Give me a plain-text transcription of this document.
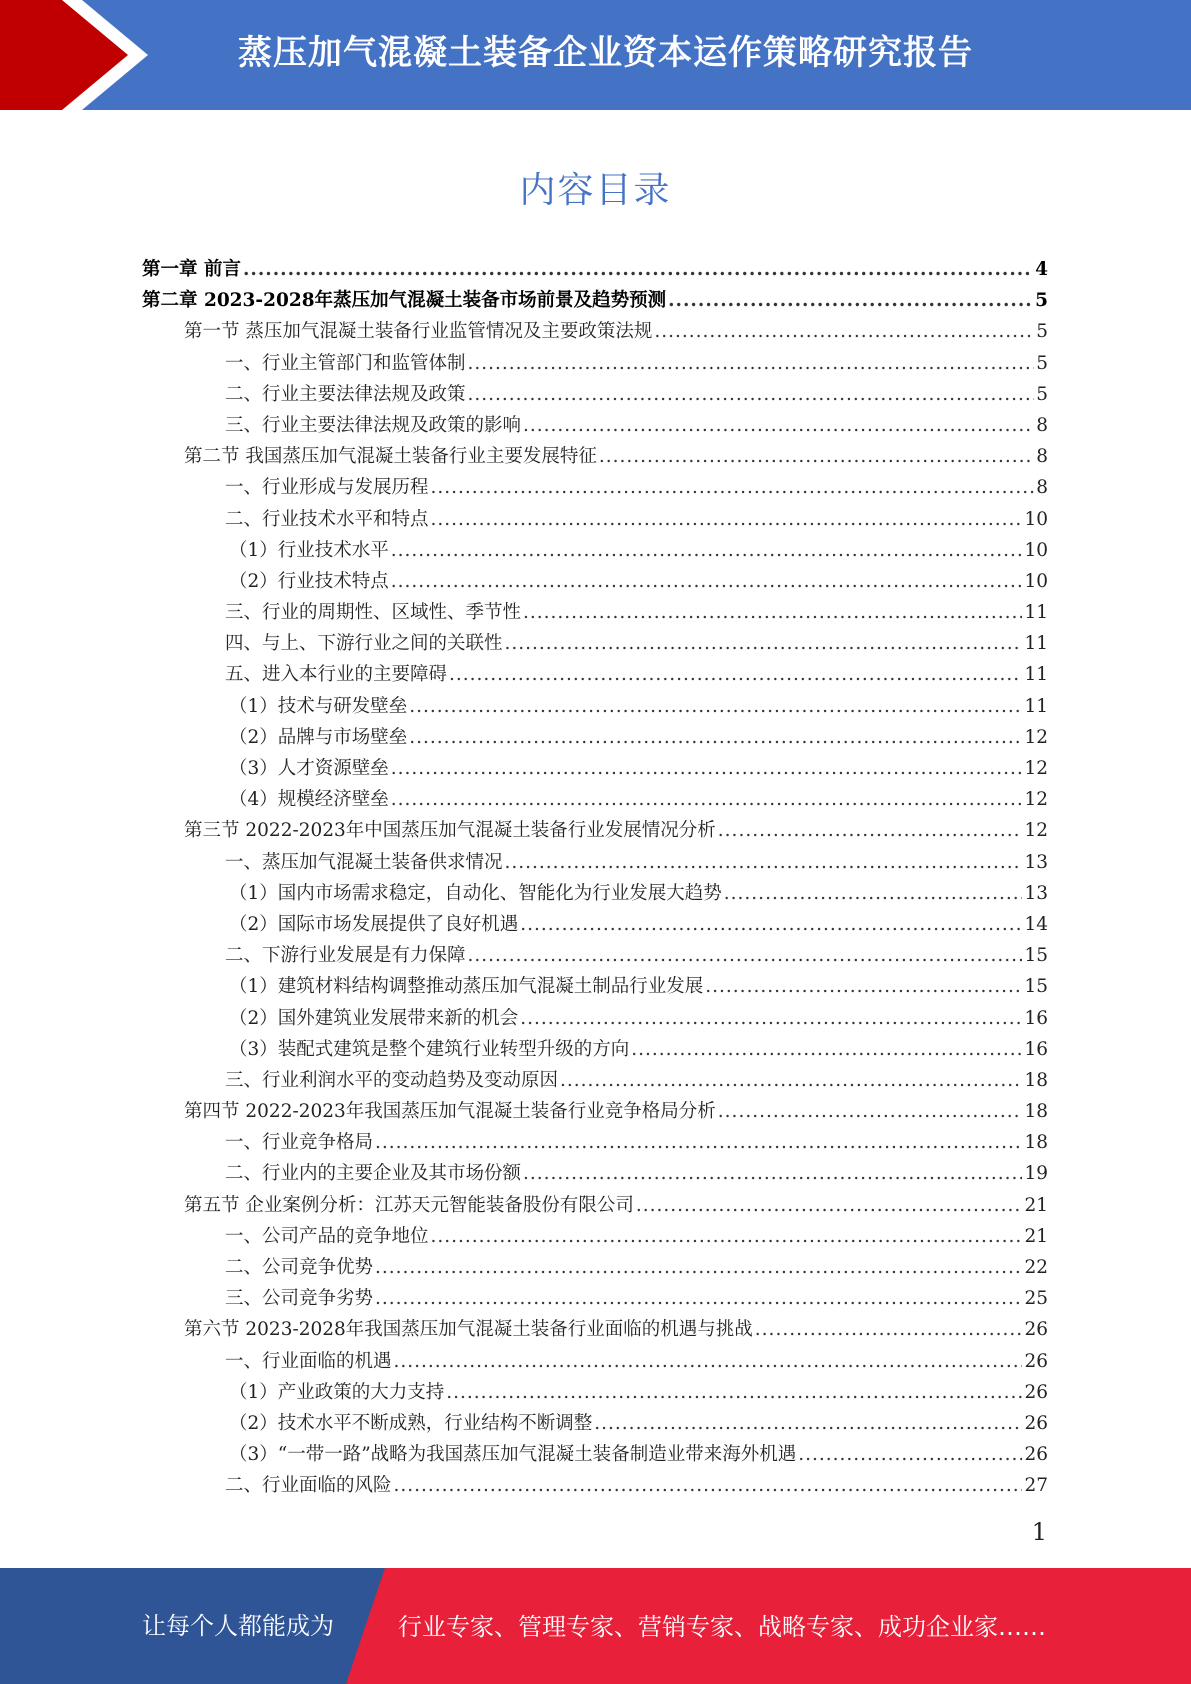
蒸压加气混凝土装备企业资本运作策略研究报告
内容目录
第一章 前言 .....	4
第二章 2023-2028年蒸压加气混凝土装备市场前景及趋势预测 .....	5
第一节 蒸压加气混凝土装备行业监管情况及主要政策法规 .....	5
一、行业主管部门和监管体制 .....	5
二、行业主要法律法规及政策 .....	5
三、行业主要法律法规及政策的影响 .....	8
第二节 我国蒸压加气混凝土装备行业主要发展特征 .....	8
一、行业形成与发展历程 .....	8
二、行业技术水平和特点 .....	10
（1）行业技术水平 .....	10
（2）行业技术特点 .....	10
三、行业的周期性、区域性、季节性 .....	11
四、与上、下游行业之间的关联性 .....	11
五、进入本行业的主要障碍 .....	11
（1）技术与研发壁垒 .....	11
（2）品牌与市场壁垒 .....	12
（3）人才资源壁垒 .....	12
（4）规模经济壁垒 .....	12
第三节 2022-2023年中国蒸压加气混凝土装备行业发展情况分析 .....	12
一、蒸压加气混凝土装备供求情况 .....	13
（1）国内市场需求稳定，自动化、智能化为行业发展大趋势 .....	13
（2）国际市场发展提供了良好机遇 .....	14
二、下游行业发展是有力保障 .....	15
（1）建筑材料结构调整推动蒸压加气混凝土制品行业发展 .....	15
（2）国外建筑业发展带来新的机会 .....	16
（3）装配式建筑是整个建筑行业转型升级的方向 .....	16
三、行业利润水平的变动趋势及变动原因 .....	18
第四节 2022-2023年我国蒸压加气混凝土装备行业竞争格局分析 .....	18
一、行业竞争格局 .....	18
二、行业内的主要企业及其市场份额 .....	19
第五节 企业案例分析：江苏天元智能装备股份有限公司 .....	21
一、公司产品的竞争地位 .....	21
二、公司竞争优势 .....	22
三、公司竞争劣势 .....	25
第六节 2023-2028年我国蒸压加气混凝土装备行业面临的机遇与挑战 .....	26
一、行业面临的机遇 .....	26
（1）产业政策的大力支持 .....	26
（2）技术水平不断成熟，行业结构不断调整 .....	26
（3）“一带一路”战略为我国蒸压加气混凝土装备制造业带来海外机遇 .....	26
二、行业面临的风险 .....	27
1
让每个人都能成为	行业专家、管理专家、营销专家、战略专家、成功企业家……
